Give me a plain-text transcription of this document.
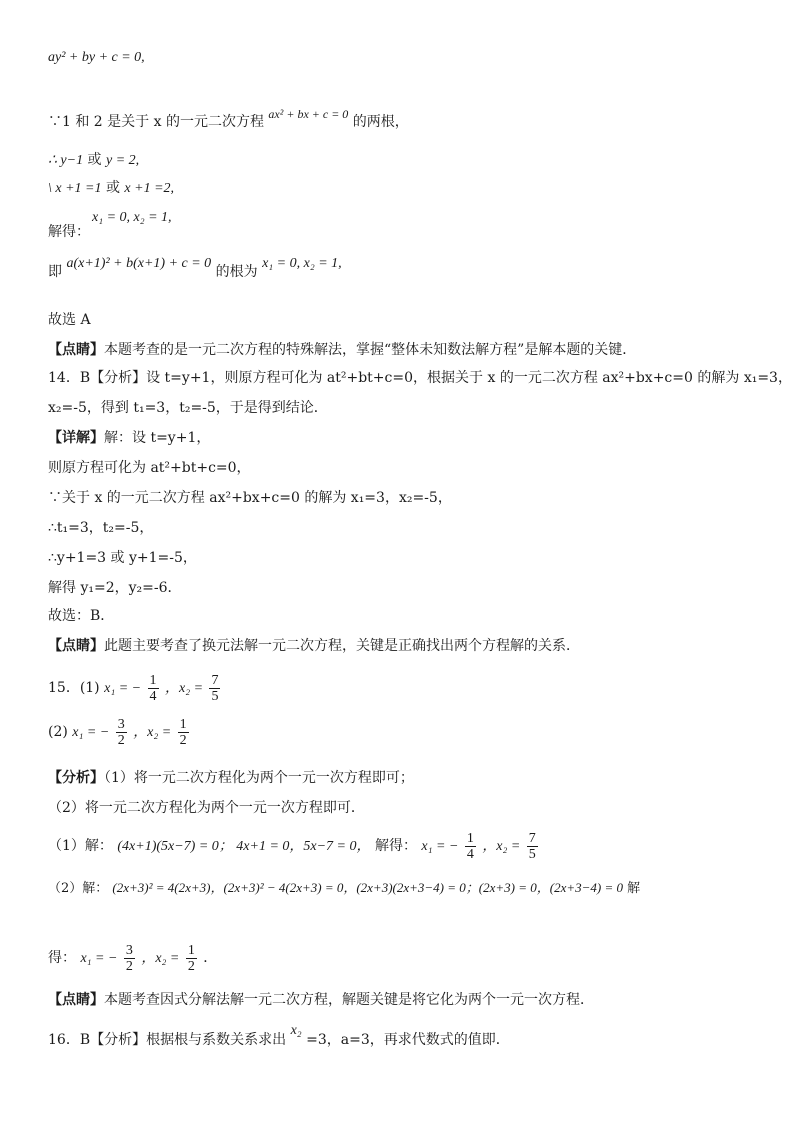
ay² + by + c = 0,
∵1 和 2 是关于 x 的一元二次方程 ax² + bx + c = 0 的两根，
∴ y−1 或 y = 2,
\ x +1 =1 或 x +1 =2,
x₁ = 0, x₂ = 1,
解得：
即 a(x+1)² + b(x+1) + c = 0 的根为 x₁ = 0, x₂ = 1,
故选 A
【点睛】本题考查的是一元二次方程的特殊解法，掌握“整体未知数法解方程”是解本题的关键．
14．B【分析】设 t=y+1，则原方程可化为 at²+bt+c=0，根据关于 x 的一元二次方程 ax²+bx+c=0 的解为 x₁=3，
x₂=-5，得到 t₁=3，t₂=-5，于是得到结论．
【详解】解：设 t=y+1，
则原方程可化为 at²+bt+c=0，
∵关于 x 的一元二次方程 ax²+bx+c=0 的解为 x₁=3，x₂=-5，
∴t₁=3，t₂=-5，
∴y+1=3 或 y+1=-5，
解得 y₁=2，y₂=-6．
故选：B．
【点睛】此题主要考查了换元法解一元二次方程，关键是正确找出两个方程解的关系．
15．(1) x₁ = − $\frac{1}{4}$ ，$x_2 = \frac{7}{5}$
(2) x₁ = − $\frac{3}{2}$ ，$x_2 = \frac{1}{2}$
【分析】（1）将一元二次方程化为两个一元一次方程即可；
（2）将一元二次方程化为两个一元一次方程即可．
（1）解： (4x+1)(5x−7) = 0； 4x+1 = 0，5x−7 = 0， 解得： x₁ = − $\frac{1}{4}$ ，$x_2 = \frac{7}{5}$
（2）解： (2x+3)² = 4(2x+3)，(2x+3)² − 4(2x+3) = 0，(2x+3)(2x+3−4) = 0；(2x+3) = 0，(2x+3−4) = 0 解
得： x₁ = − $\frac{3}{2}$ ，$x_2 = \frac{1}{2}$ ．
【点睛】本题考查因式分解法解一元二次方程，解题关键是将它化为两个一元一次方程．
16．B【分析】根据根与系数关系求出 x₂ =3，a=3，再求代数式的值即．
